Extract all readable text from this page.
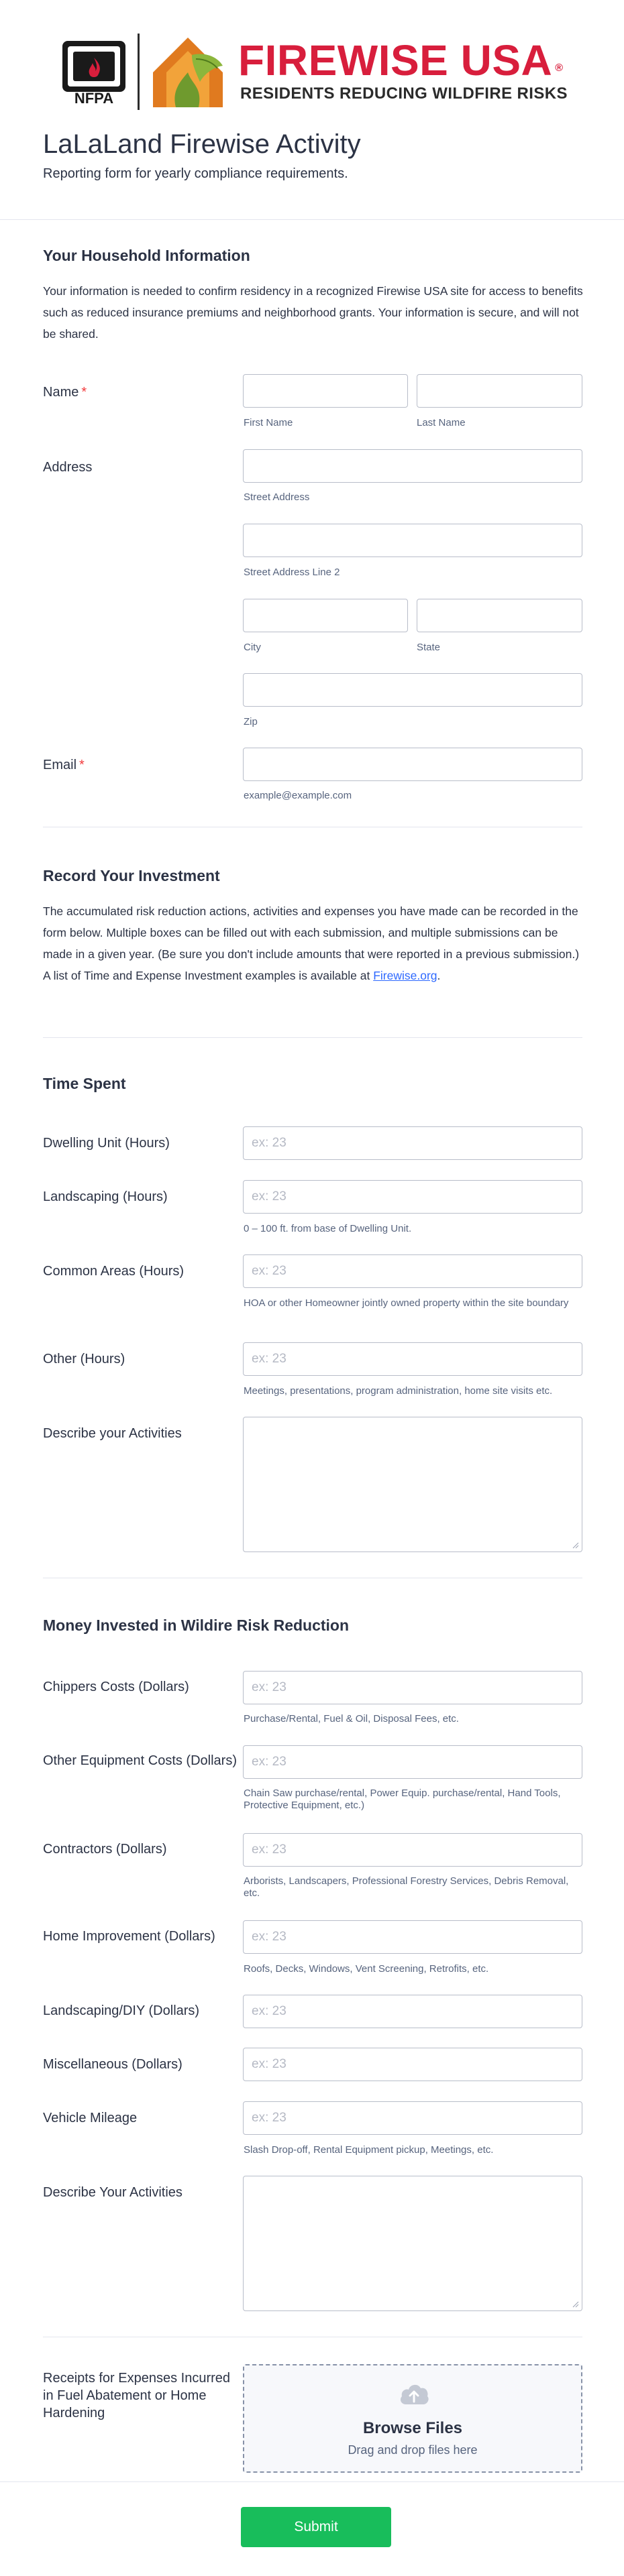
NFPA
FIREWISE USA ®
RESIDENTS REDUCING WILDFIRE RISKS
LaLaLand Firewise Activity
Reporting form for yearly compliance requirements.
Your Household Information
Your information is needed to confirm residency in a recognized Firewise USA site for access to benefits such as reduced insurance premiums and neighborhood grants. Your information is secure, and will not be shared.
Name *
First Name	Last Name
Address
Street Address
Street Address Line 2
City	State
Zip
Email *
example@example.com
Record Your Investment
The accumulated risk reduction actions, activities and expenses you have made can be recorded in the form below. Multiple boxes can be filled out with each submission, and multiple submissions can be made in a given year. (Be sure you don't include amounts that were reported in a previous submission.) A list of Time and Expense Investment examples is available at Firewise.org.
Time Spent
Dwelling Unit (Hours)	ex: 23
Landscaping (Hours)	ex: 23
0 – 100 ft. from base of Dwelling Unit.
Common Areas (Hours)	ex: 23
HOA or other Homeowner jointly owned property within the site boundary
Other (Hours)	ex: 23
Meetings, presentations, program administration, home site visits etc.
Describe your Activities
Money Invested in Wildire Risk Reduction
Chippers Costs (Dollars)	ex: 23
Purchase/Rental, Fuel & Oil, Disposal Fees, etc.
Other Equipment Costs (Dollars)	ex: 23
Chain Saw purchase/rental, Power Equip. purchase/rental, Hand Tools, Protective Equipment, etc.)
Contractors (Dollars)	ex: 23
Arborists, Landscapers, Professional Forestry Services, Debris Removal, etc.
Home Improvement (Dollars)	ex: 23
Roofs, Decks, Windows, Vent Screening, Retrofits, etc.
Landscaping/DIY (Dollars)	ex: 23
Miscellaneous (Dollars)	ex: 23
Vehicle Mileage	ex: 23
Slash Drop-off, Rental Equipment pickup, Meetings, etc.
Describe Your Activities
Receipts for Expenses Incurred in Fuel Abatement or Home Hardening
Browse Files
Drag and drop files here
Submit
